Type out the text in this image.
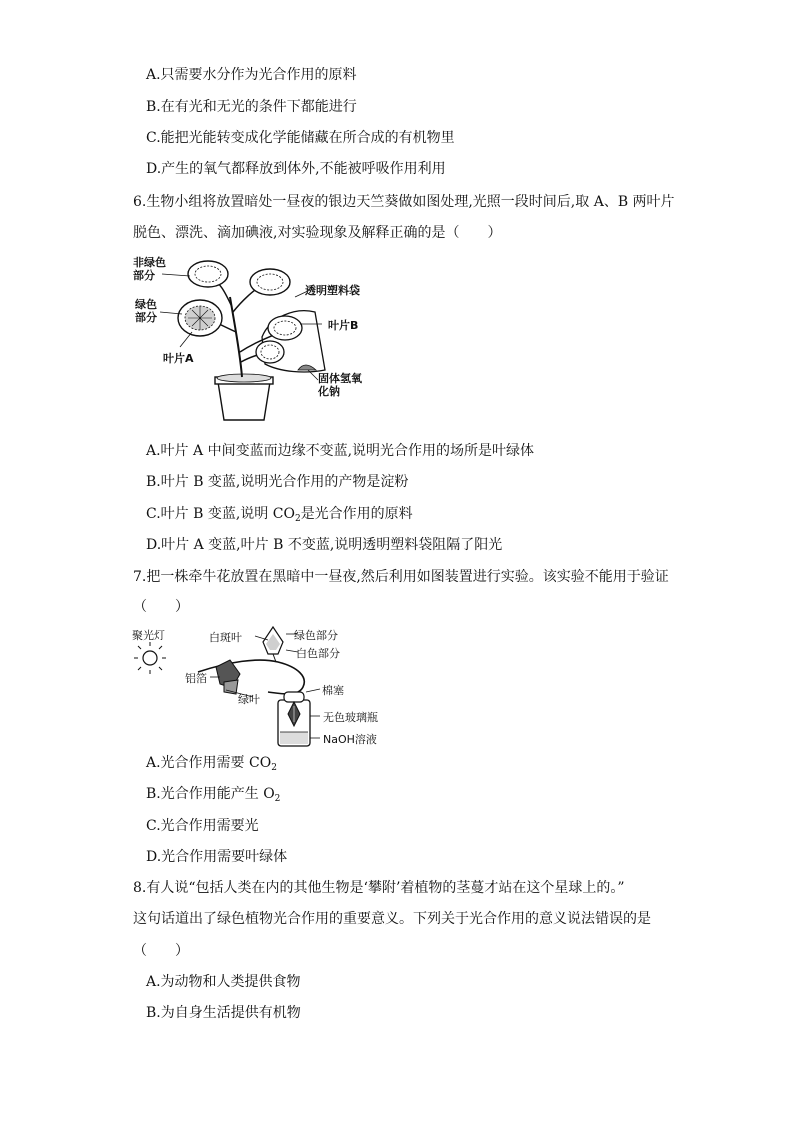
A.只需要水分作为光合作用的原料
B.在有光和无光的条件下都能进行
C.能把光能转变成化学能储藏在所合成的有机物里
D.产生的氧气都释放到体外,不能被呼吸作用利用
6.生物小组将放置暗处一昼夜的银边天竺葵做如图处理,光照一段时间后,取 A、B 两叶片
脱色、漂洗、滴加碘液,对实验现象及解释正确的是（　　）
非绿色
部分
绿色
部分
叶片A
透明塑料袋
叶片B
固体氢氧
化钠
A.叶片 A 中间变蓝而边缘不变蓝,说明光合作用的场所是叶绿体
B.叶片 B 变蓝,说明光合作用的产物是淀粉
C.叶片 B 变蓝,说明 $CO_2$是光合作用的原料
D.叶片 A 变蓝,叶片 B 不变蓝,说明透明塑料袋阻隔了阳光
7.把一株牵牛花放置在黑暗中一昼夜,然后利用如图装置进行实验。该实验不能用于验证
（　　）
聚光灯	白斑叶	绿色部分
白色部分
铝箔
绿叶
棉塞
无色玻璃瓶
NaOH溶液
A.光合作用需要 $CO_2$
B.光合作用能产生 $O_2$
C.光合作用需要光
D.光合作用需要叶绿体
8.有人说“包括人类在内的其他生物是‘攀附’着植物的茎蔓才站在这个星球上的。”
这句话道出了绿色植物光合作用的重要意义。下列关于光合作用的意义说法错误的是
（　　）
A.为动物和人类提供食物
B.为自身生活提供有机物
